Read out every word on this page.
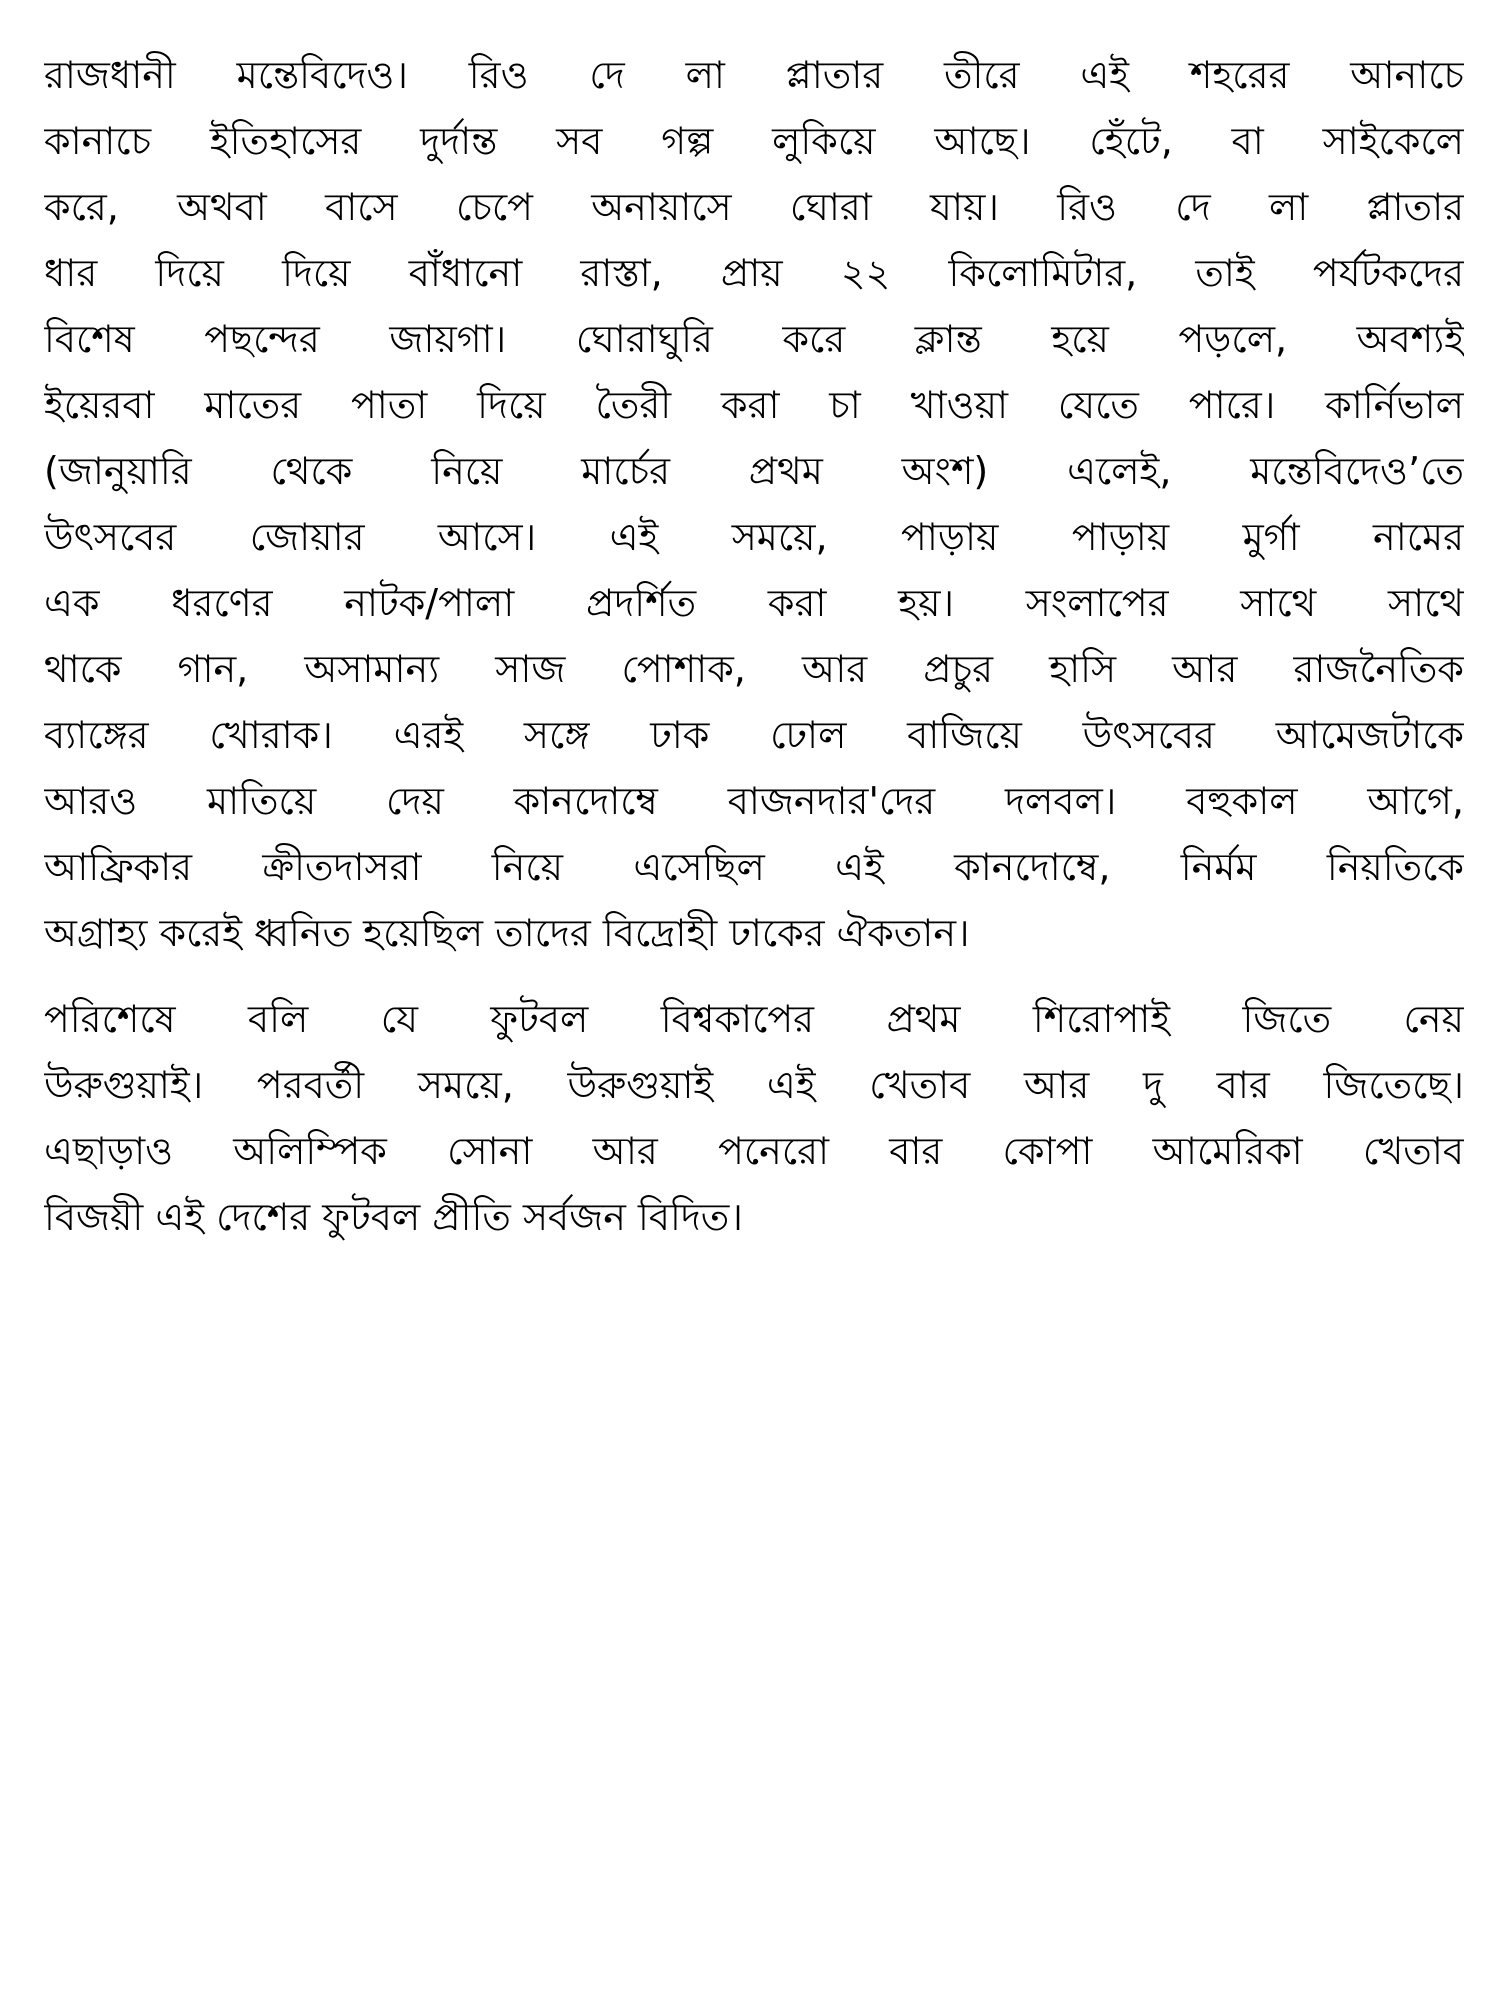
রাজধানী মন্তেবিদেও। রিও দে লা প্লাতার তীরে এই শহরের আনাচে
কানাচে ইতিহাসের দুর্দান্ত সব গল্প লুকিয়ে আছে। হেঁটে, বা সাইকেলে
করে, অথবা বাসে চেপে অনায়াসে ঘোরা যায়। রিও দে লা প্লাতার
ধার দিয়ে দিয়ে বাঁধানো রাস্তা, প্রায় ২২ কিলোমিটার, তাই পর্যটকদের
বিশেষ পছন্দের জায়গা। ঘোরাঘুরি করে ক্লান্ত হয়ে পড়লে, অবশ্যই
ইয়েরবা মাতের পাতা দিয়ে তৈরী করা চা খাওয়া যেতে পারে। কার্নিভাল
(জানুয়ারি থেকে নিয়ে মার্চের প্রথম অংশ) এলেই, মন্তেবিদেও’তে
উৎসবের জোয়ার আসে। এই সময়ে, পাড়ায় পাড়ায় মুর্গা নামের
এক ধরণের নাটক/পালা প্রদর্শিত করা হয়। সংলাপের সাথে সাথে
থাকে গান, অসামান্য সাজ পোশাক, আর প্রচুর হাসি আর রাজনৈতিক
ব্যাঙ্গের খোরাক। এরই সঙ্গে ঢাক ঢোল বাজিয়ে উৎসবের আমেজটাকে
আরও মাতিয়ে দেয় কানদোম্বে বাজনদার'দের দলবল। বহুকাল আগে,
আফ্রিকার ক্রীতদাসরা নিয়ে এসেছিল এই কানদোম্বে, নির্মম নিয়তিকে
অগ্রাহ্য করেই ধ্বনিত হয়েছিল তাদের বিদ্রোহী ঢাকের ঐকতান।
পরিশেষে বলি যে ফুটবল বিশ্বকাপের প্রথম শিরোপাই জিতে নেয়
উরুগুয়াই। পরবর্তী সময়ে, উরুগুয়াই এই খেতাব আর দু বার জিতেছে।
এছাড়াও অলিম্পিক সোনা আর পনেরো বার কোপা আমেরিকা খেতাব
বিজয়ী এই দেশের ফুটবল প্রীতি সর্বজন বিদিত।
